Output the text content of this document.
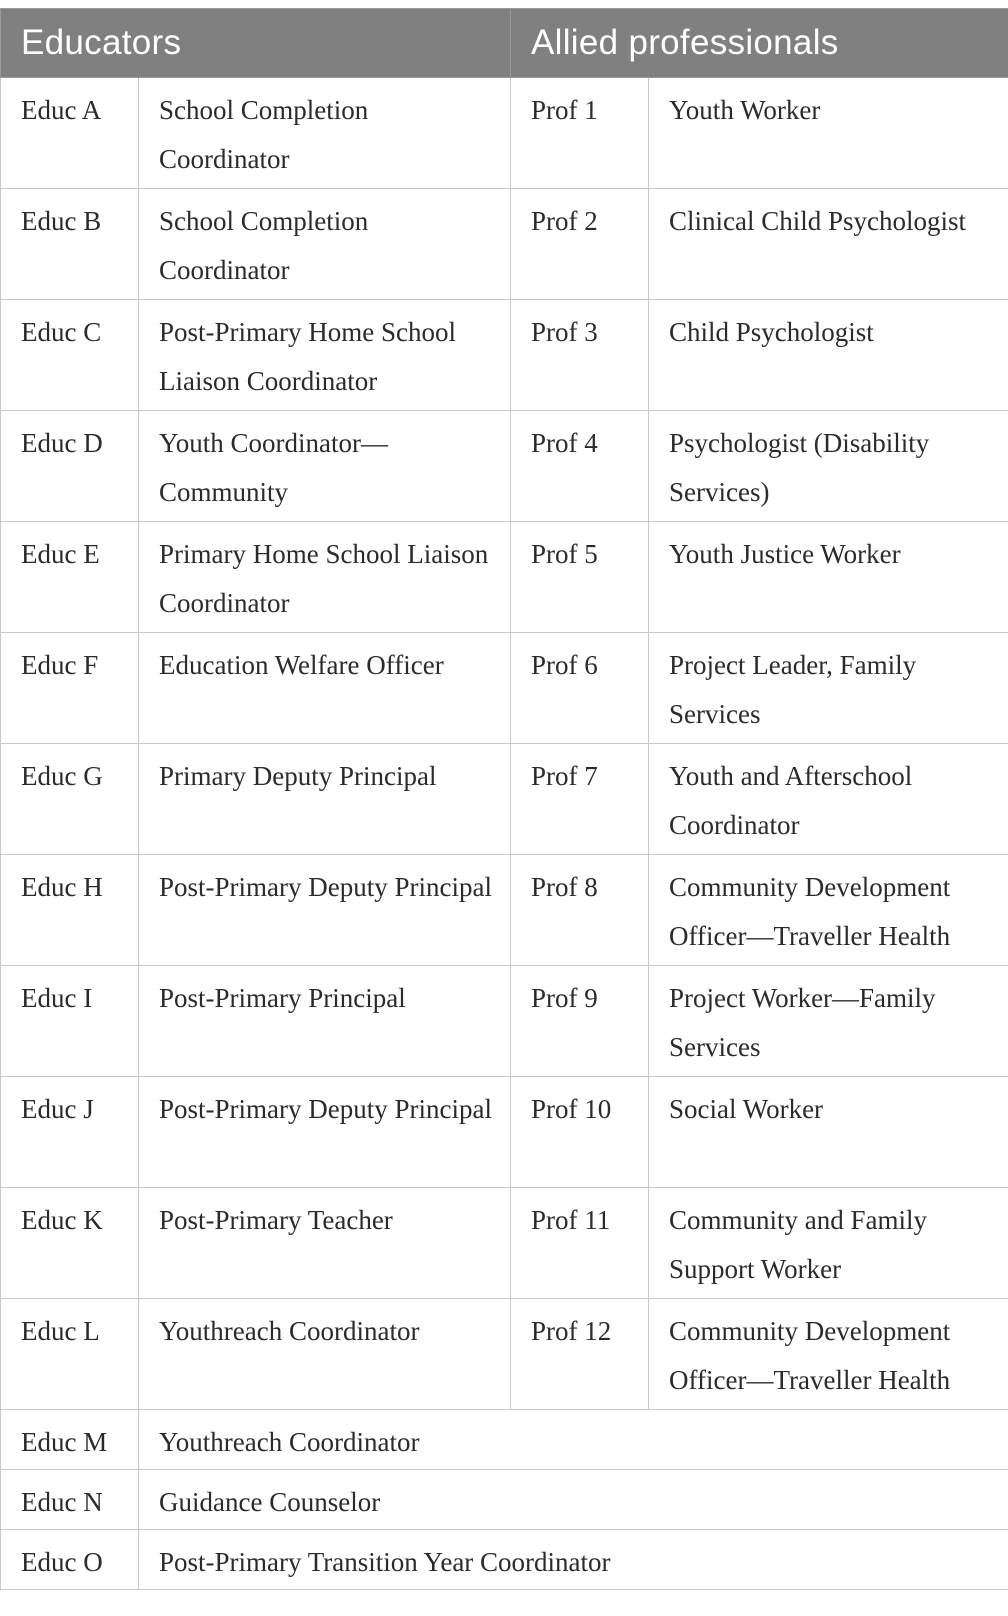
Educators		Allied professionals	
Educ A	School Completion Coordinator	Prof 1	Youth Worker
Educ B	School Completion Coordinator	Prof 2	Clinical Child Psychologist
Educ C	Post-Primary Home School Liaison Coordinator	Prof 3	Child Psychologist
Educ D	Youth Coordinator—Community	Prof 4	Psychologist (Disability Services)
Educ E	Primary Home School Liaison Coordinator	Prof 5	Youth Justice Worker
Educ F	Education Welfare Officer	Prof 6	Project Leader, Family Services
Educ G	Primary Deputy Principal	Prof 7	Youth and Afterschool Coordinator
Educ H	Post-Primary Deputy Principal	Prof 8	Community Development Officer—Traveller Health
Educ I	Post-Primary Principal	Prof 9	Project Worker—Family Services
Educ J	Post-Primary Deputy Principal	Prof 10	Social Worker
Educ K	Post-Primary Teacher	Prof 11	Community and Family Support Worker
Educ L	Youthreach Coordinator	Prof 12	Community Development Officer—Traveller Health
Educ M	Youthreach Coordinator		
Educ N	Guidance Counselor		
Educ O	Post-Primary Transition Year Coordinator		
